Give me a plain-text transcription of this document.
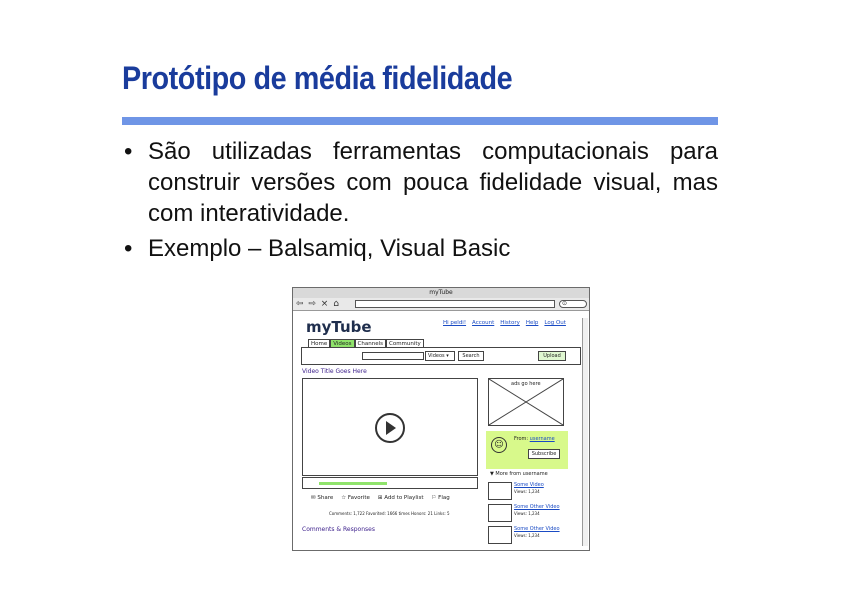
Protótipo de média fidelidade
• São utilizadas ferramentas computacionais para construir versões com pouca fidelidade visual, mas com interatividade.
• Exemplo – Balsamiq, Visual Basic
myTube
⇦ ⇨ × ⌂	⊙
myTube	Hi peldi! Account History Help Log Out
Home	Videos	Channels	Community
Videos ▾	Search	Upload
Video Title Goes Here
✉ Share ☆ Favorite ⊞ Add to Playlist ⚐ Flag
Comments: 1,722 Favorited: 1666 times Honors: 21 Links: 5
Comments & Responses
ads go here
☺
From: username
Subscribe
▼ More from username
Some Video
Views: 1,234
Some Other Video
Views: 1,234
Some Other Video
Views: 1,234
